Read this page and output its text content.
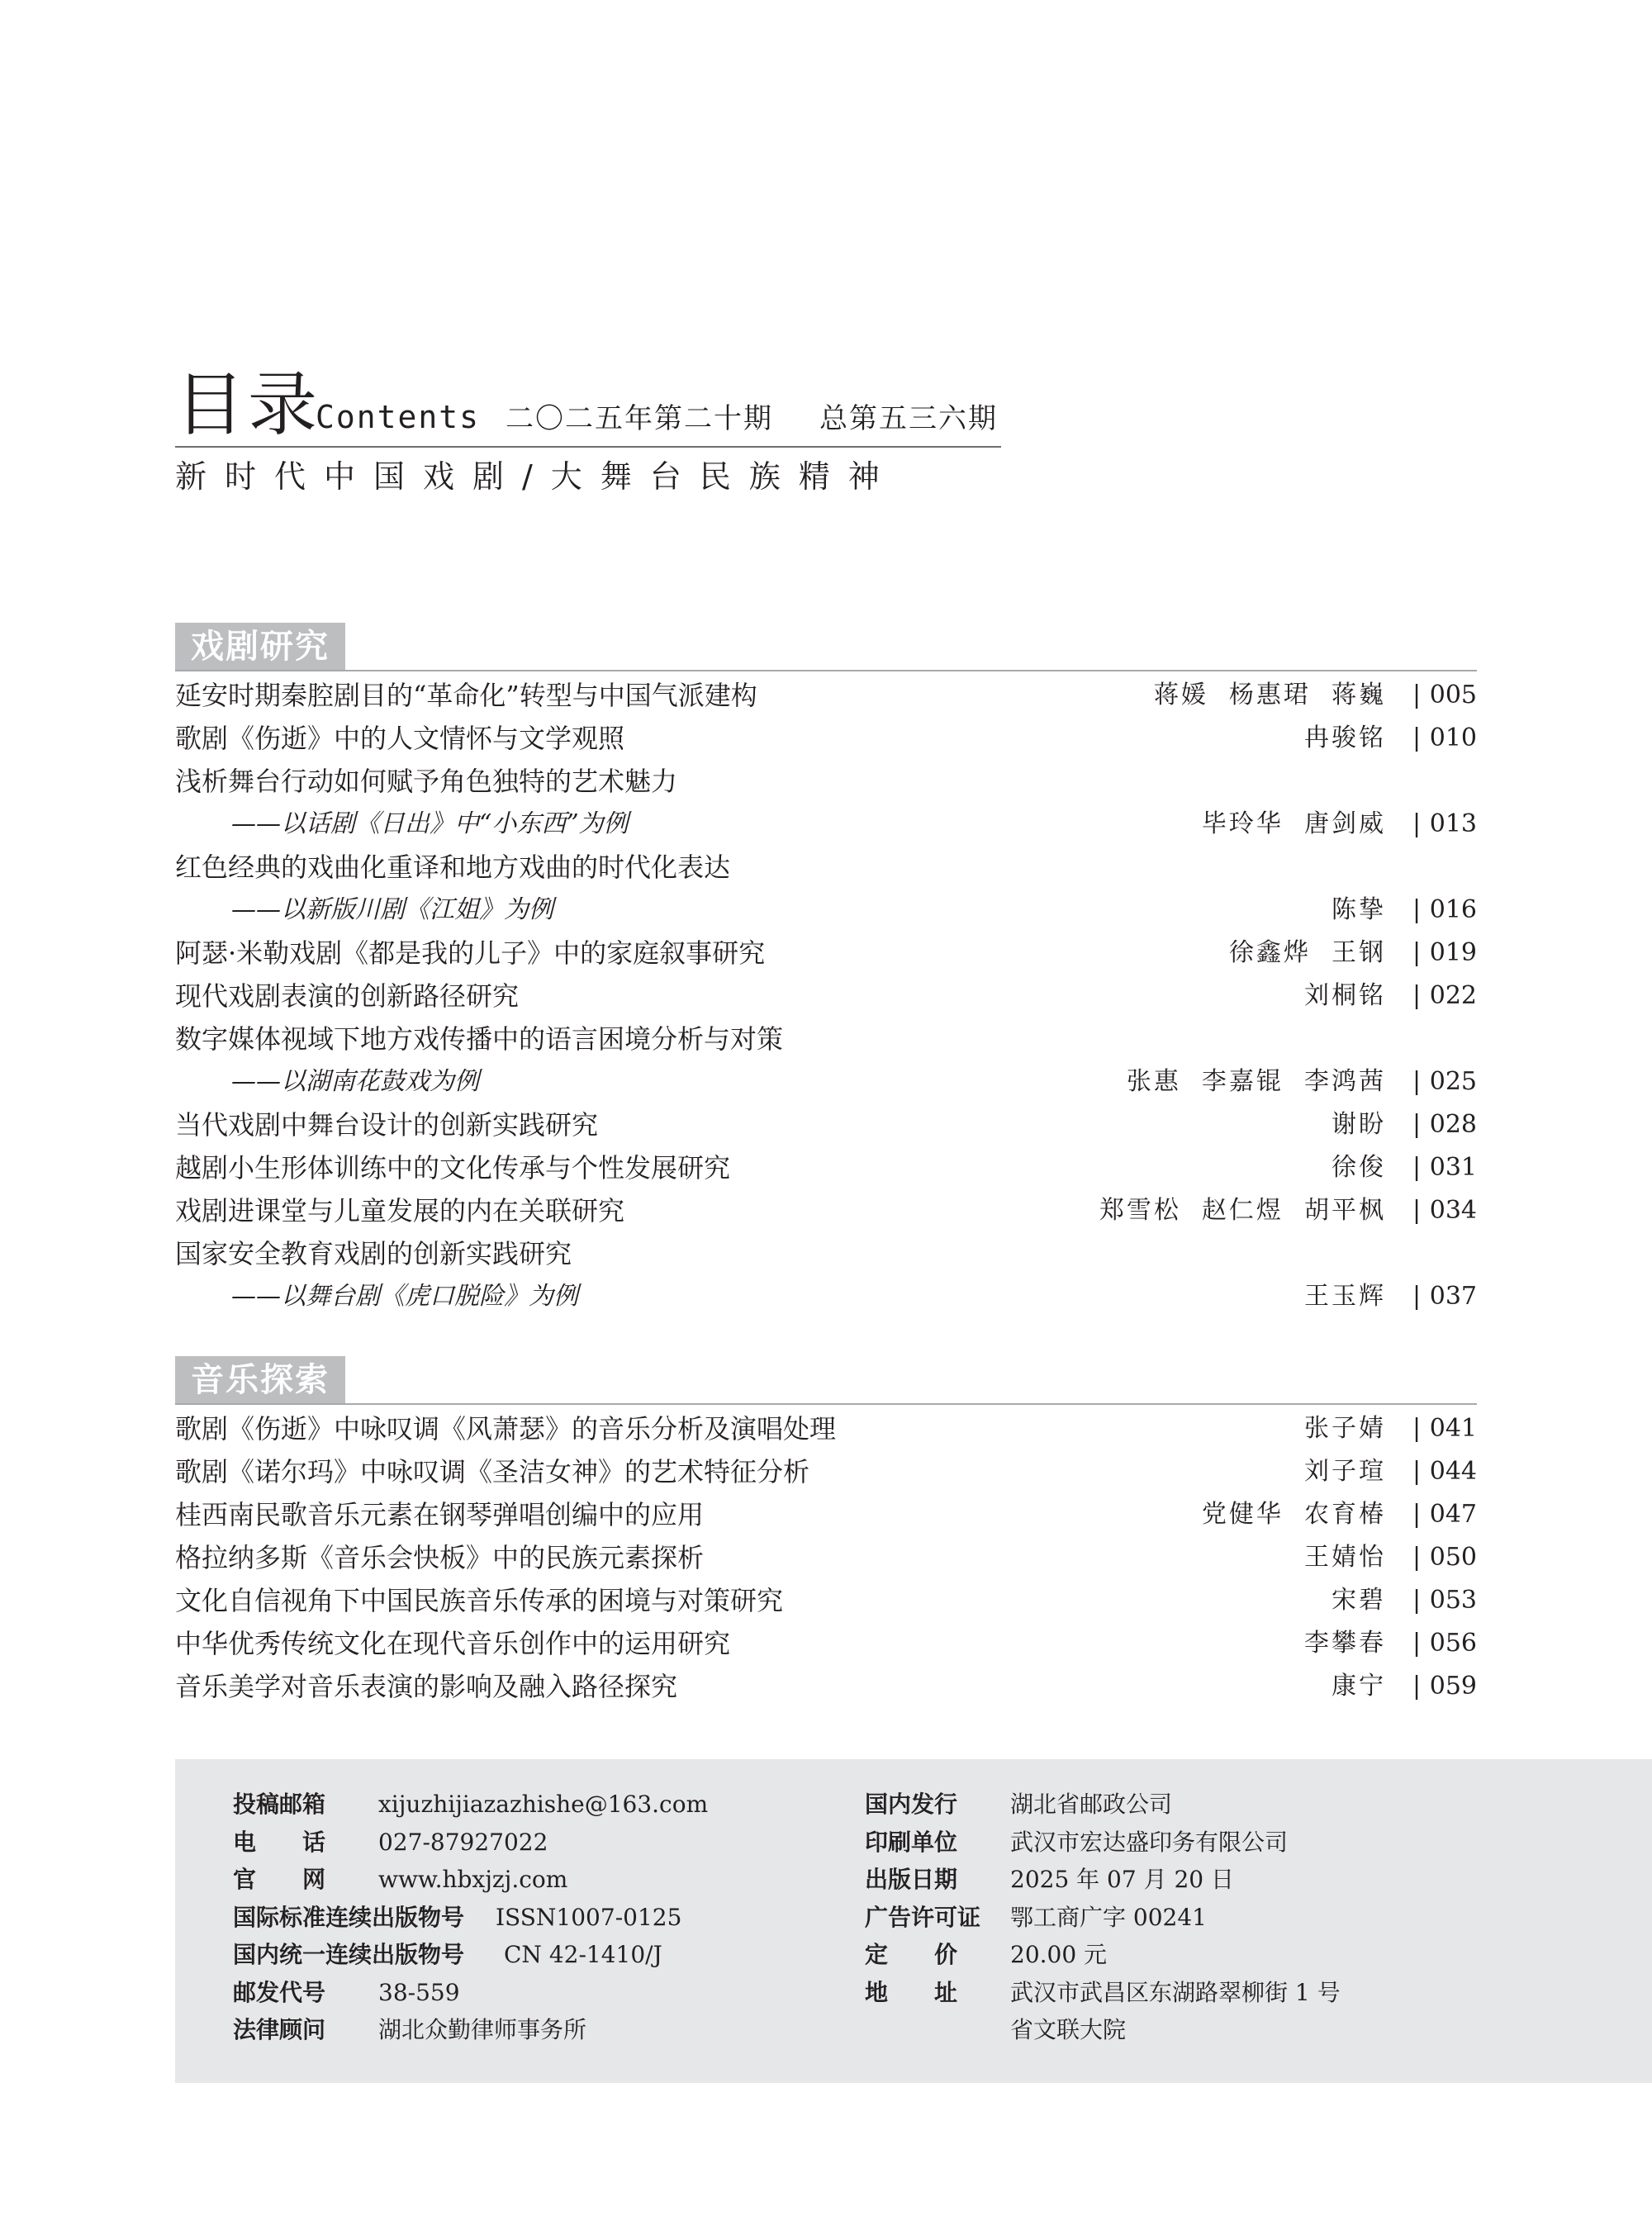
目录
Contents 二〇二五年第二十期 总第五三六期
新时代中国戏剧/大舞台民族精神
戏剧研究
延安时期秦腔剧目的“革命化”转型与中国气派建构	蒋媛  杨惠珺  蒋巍	| 005
歌剧《伤逝》中的人文情怀与文学观照	冉骏铭	| 010
浅析舞台行动如何赋予角色独特的艺术魅力
——以话剧《日出》中“小东西”为例	毕玲华  唐剑威	| 013
红色经典的戏曲化重译和地方戏曲的时代化表达
——以新版川剧《江姐》为例	陈挚	| 016
阿瑟·米勒戏剧《都是我的儿子》中的家庭叙事研究	徐鑫烨  王钢	| 019
现代戏剧表演的创新路径研究	刘桐铭	| 022
数字媒体视域下地方戏传播中的语言困境分析与对策
——以湖南花鼓戏为例	张惠  李嘉锟  李鸿茜	| 025
当代戏剧中舞台设计的创新实践研究	谢盼	| 028
越剧小生形体训练中的文化传承与个性发展研究	徐俊	| 031
戏剧进课堂与儿童发展的内在关联研究	郑雪松  赵仁煜  胡平枫	| 034
国家安全教育戏剧的创新实践研究
——以舞台剧《虎口脱险》为例	王玉辉	| 037
音乐探索
歌剧《伤逝》中咏叹调《风萧瑟》的音乐分析及演唱处理	张子婧	| 041
歌剧《诺尔玛》中咏叹调《圣洁女神》的艺术特征分析	刘子瑄	| 044
桂西南民歌音乐元素在钢琴弹唱创编中的应用	党健华  农育椿	| 047
格拉纳多斯《音乐会快板》中的民族元素探析	王婧怡	| 050
文化自信视角下中国民族音乐传承的困境与对策研究	宋碧	| 053
中华优秀传统文化在现代音乐创作中的运用研究	李攀春	| 056
音乐美学对音乐表演的影响及融入路径探究	康宁	| 059
投稿邮箱	xijuzhijiazazhishe@163.com
电话 027-87927022
官网 www.hbxjzj.com
国际标准连续出版物号 ISSN1007-0125
国内统一连续出版物号 CN 42-1410/J
邮发代号 38-559
法律顾问 湖北众勤律师事务所
国内发行 湖北省邮政公司
印刷单位 武汉市宏达盛印务有限公司
出版日期 2025 年 07 月 20 日
广告许可证 鄂工商广字 00241
定价 20.00 元
地址 武汉市武昌区东湖路翠柳街 1 号
省文联大院
